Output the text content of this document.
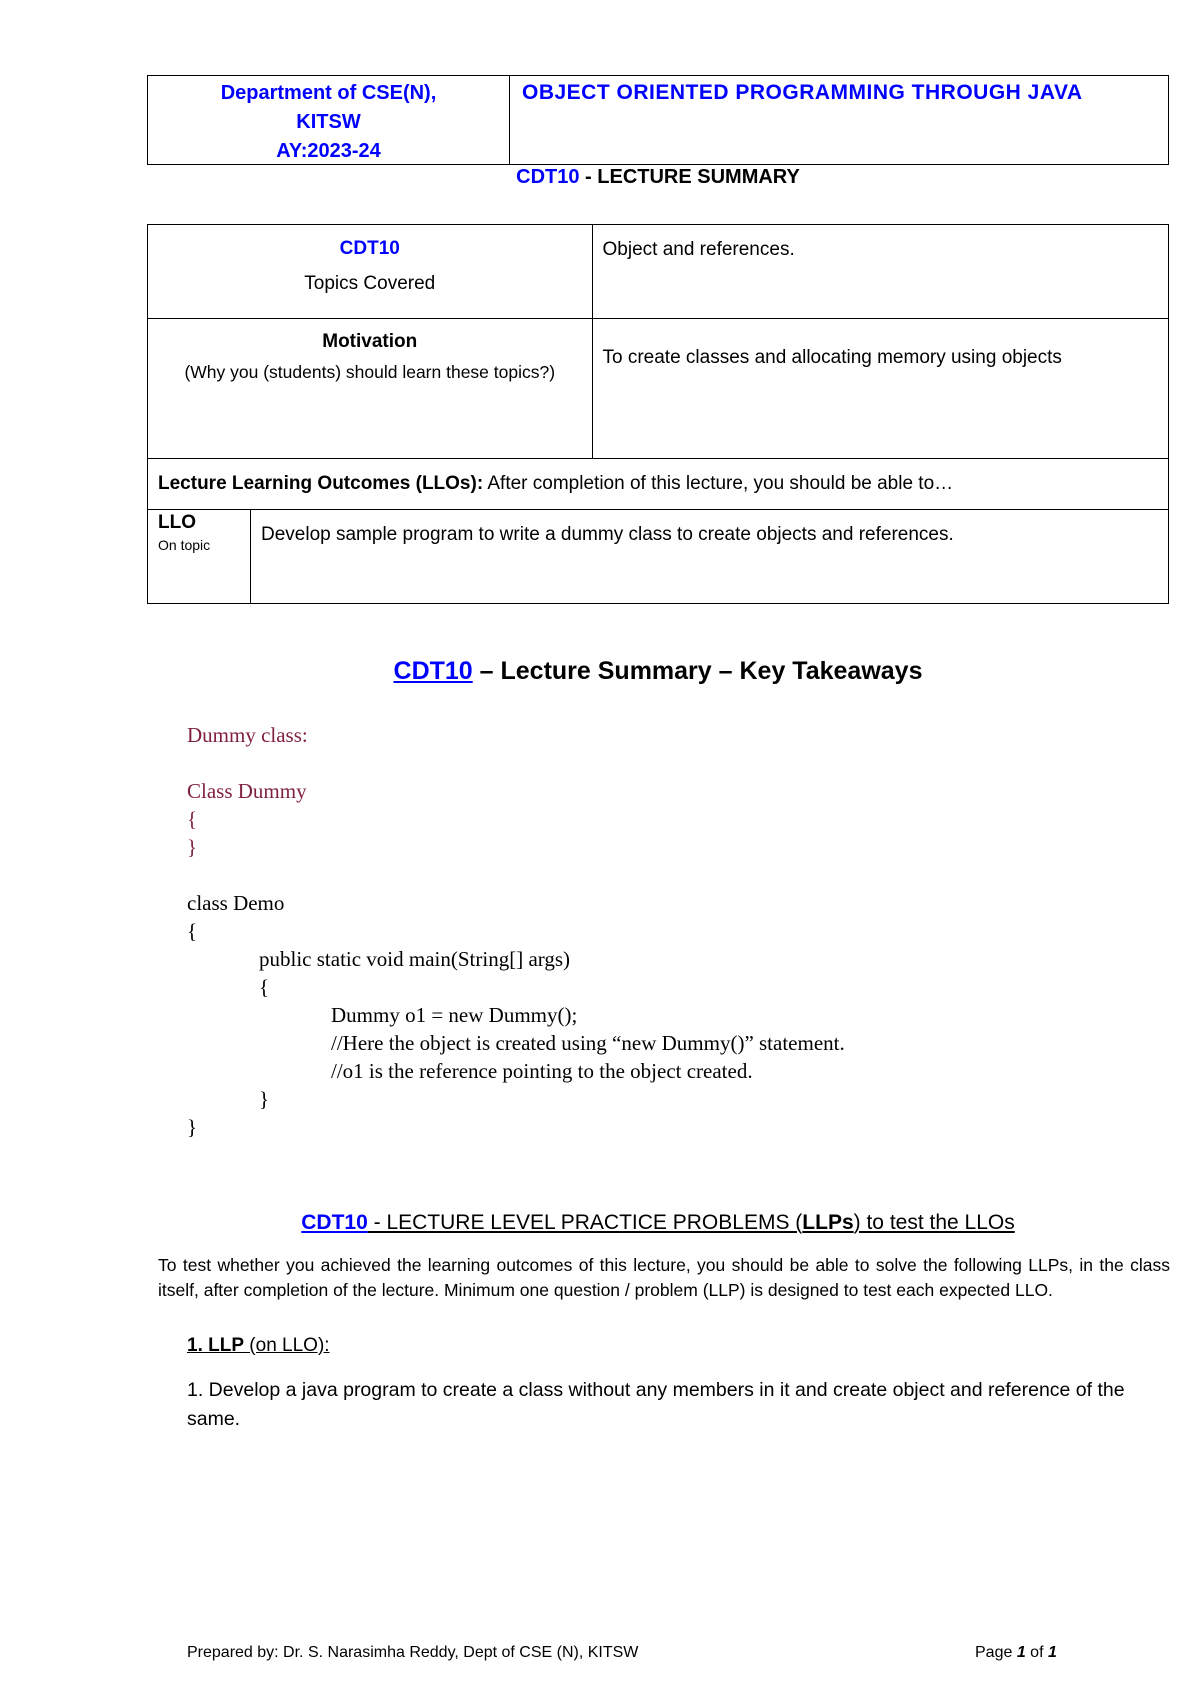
Department of CSE(N),
KITSW
AY:2023-24
OBJECT ORIENTED PROGRAMMING THROUGH JAVA
CDT10 - LECTURE SUMMARY
CDT10
Topics Covered		Object and references.

Motivation
(Why you (students) should learn these topics?)		To create classes and allocating memory using objects
Lecture Learning Outcomes (LLOs): After completion of this lecture, you should be able to…		

LLO
On topic	Develop sample program to write a dummy class to create objects and references.	
CDT10 – Lecture Summary – Key Takeaways
Dummy class:
Class Dummy
{
}
class Demo
{
public static void main(String[] args)
{
Dummy o1 = new Dummy();
//Here the object is created using “new Dummy()” statement.
//o1 is the reference pointing to the object created.
}
}
CDT10 - LECTURE LEVEL PRACTICE PROBLEMS (LLPs) to test the LLOs
To test whether you achieved the learning outcomes of this lecture, you should be able to solve the following LLPs, in the class itself, after completion of the lecture. Minimum one question / problem (LLP) is designed to test each expected LLO.
1. LLP (on LLO):
1. Develop a java program to create a class without any members in it and create object and reference of the same.
Prepared by: Dr. S. Narasimha Reddy, Dept of CSE (N), KITSW	Page 1 of 1
